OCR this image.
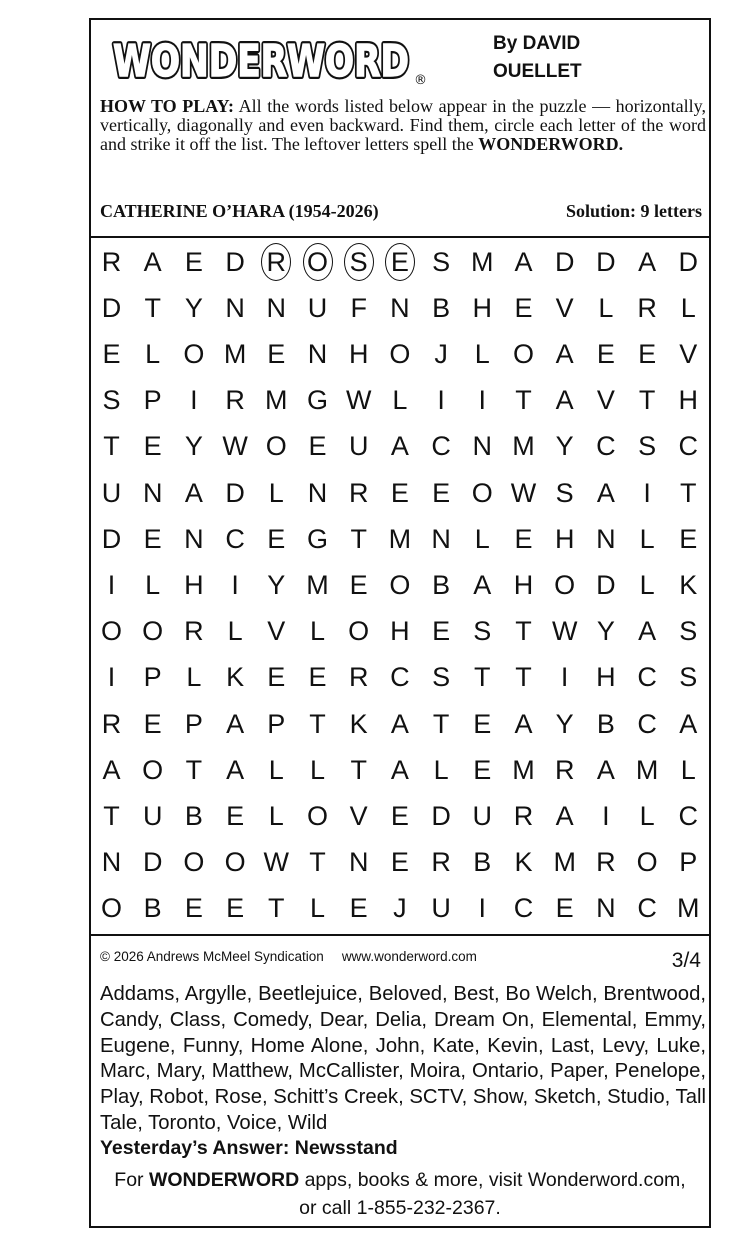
WONDERWORD
WONDERWORD ®
By DAVID
OUELLET
HOW TO PLAY: All the words listed below appear in the puzzle — horizontally, vertically, diagonally and even backward. Find them, circle each letter of the word and strike it off the list. The leftover letters spell the WONDERWORD.
CATHERINE O’HARA (1954-2026)	Solution: 9 letters
R A E D R O S E S M A D D A D
D T Y N N U F N B H E V L R L
E L O M E N H O J L O A E E V
S P	I	R M G W L	I	I	T A V T H
T E Y W O E U A C N M Y C S C
U N A D L N R E E O W S A	I	T
D E N C E G T M N L E H N L E
I	L H	I	Y M E O B A H O D L K
O O R L V L O H E S T W Y A S
I	P L K E E R C S T T	I	H C S
R E P A P T K A T E A Y B C A
A O T A L L T A L E M R A M L
T U B E L O V E D U R A	I	L C
N D O O W T N E R B K M R O P
O B E E T L E J U	I	C E N C M
© 2026 Andrews McMeel Syndication www.wonderword.com	3/4
Addams, Argylle, Beetlejuice, Beloved, Best, Bo Welch, Brentwood, Candy, Class, Comedy, Dear, Delia, Dream On, Elemental, Emmy, Eugene, Funny, Home Alone, John, Kate, Kevin, Last, Levy, Luke, Marc, Mary, Matthew, McCallister, Moira, Ontario, Paper, Penelope, Play, Robot, Rose, Schitt’s Creek, SCTV, Show, Sketch, Studio, Tall Tale, Toronto, Voice, Wild
Yesterday’s Answer: Newsstand
For WONDERWORD apps, books & more, visit Wonderword.com,
or call 1-855-232-2367.
